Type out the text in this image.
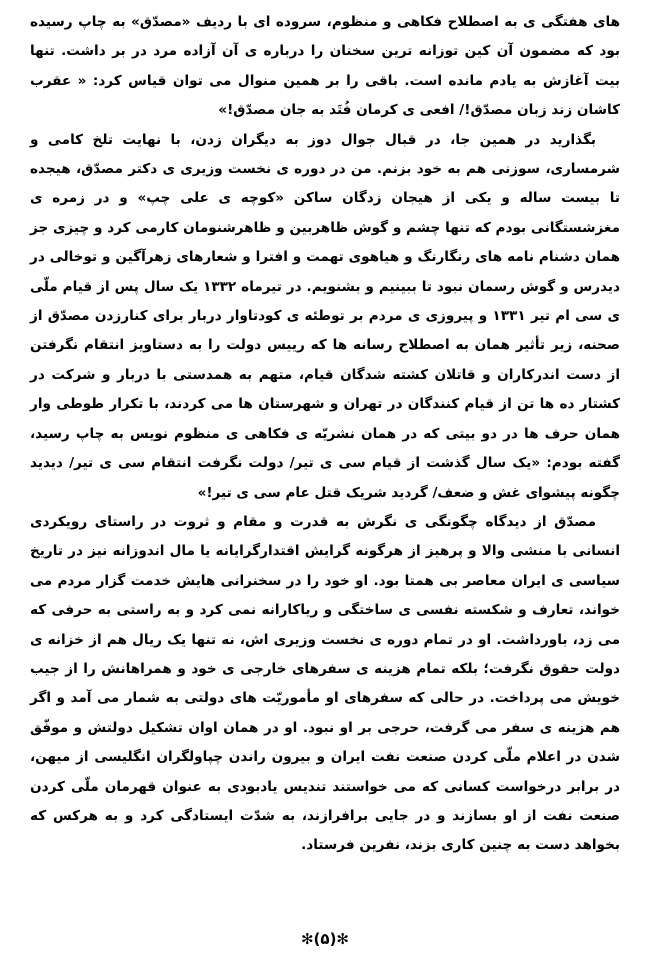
های هفتگی ی به اصطلاح فکاهی و منظوم، سروده ای با ردیف «مصدّق» به چاپ رسیده بود که مضمون آن کین توزانه ترین سخنان را درباره ی آن آزاده مرد در بر داشت. تنها بیت آغازش به یادم مانده است. باقی را بر همین منوال می توان قیاس کرد: « عقرب کاشان زند زبان مصدّق!/ افعی ی کرمان فُتَد به جان مصدّق!»

بگذارید در همین جا، در قبال جوال دوز به دیگران زدن، با نهایت تلخ کامی و شرمساری، سوزنی هم به خود بزنم. من در دوره ی نخست وزیری ی دکتر مصدّق، هیجده تا بیست ساله و یکی از هیجان زدگان ساکن «کوچه ی علی چپ» و در زمره ی مغزشستگانی بودم که تنها چشم و گوش ظاهربین و ظاهرشنومان کارمی کرد و چیزی جز همان دشنام نامه های رنگارنگ و هیاهوی تهمت و افترا و شعارهای زهرآگین و توخالی در دیدرس و گوش رسمان نبود تا ببینیم و بشنویم. در تیرماه ۱۳۳۲ یک سال پس از قیام ملّی ی سی ام تیر ۱۳۳۱ و پیروزی ی مردم بر توطئه ی کودتاوار دربار برای کنارزدن مصدّق از صحنه، زیر تأثیر همان به اصطلاح رسانه ها که رییس دولت را به دستاویز انتقام نگرفتن از دست اندرکاران و قاتلان کشته شدگان قیام، متهم به همدستی با دربار و شرکت در کشتار ده ها تن از قیام کنندگان در تهران و شهرستان ها می کردند، با تکرار طوطی وار همان حرف ها در دو بیتی که در همان نشریّه ی فکاهی ی منظوم نویس به چاپ رسید، گفته بودم: «یک سال گذشت از قیام سی ی تیر/ دولت نگرفت انتقام سی ی تیر/ دیدید چگونه پیشوای غش و ضعف/ گردید شریک قتل عام سی ی تیر!»

مصدّق از دیدگاه چگونگی ی نگرش به قدرت و مقام و ثروت در راستای رویکردی انسانی با منشی والا و پرهیز از هرگونه گرایش اقتدارگرایانه یا مال اندوزانه نیز در تاریخ سیاسی ی ایران معاصر بی همتا بود. او خود را در سخنرانی هایش خدمت گزار مردم می خواند، تعارف و شکسته نفسی ی ساختگی و ریاکارانه نمی کرد و به راستی به حرفی که می زد، باورداشت. او در تمام دوره ی نخست وزیری اش، نه تنها یک ریال هم از خزانه ی دولت حقوق نگرفت؛ بلکه تمام هزینه ی سفرهای خارجی ی خود و همراهانش را از جیب خویش می پرداخت. در حالی که سفرهای او مأموریّت های دولتی به شمار می آمد و اگر هم هزینه ی سفر می گرفت، حرجی بر او نبود. او در همان اوان تشکیل دولتش و موفّق شدن در اعلام ملّی کردن صنعت نفت ایران و بیرون راندن چپاولگران انگلیسی از میهن، در برابر درخواست کسانی که می خواستند تندیس یادبودی به عنوان قهرمان ملّی کردن صنعت نفت از او بسازند و در جایی برافرازند، به شدّت ایستادگی کرد و به هرکس که بخواهد دست به چنین کاری بزند، نفرین فرستاد.

✻(۵)✻
